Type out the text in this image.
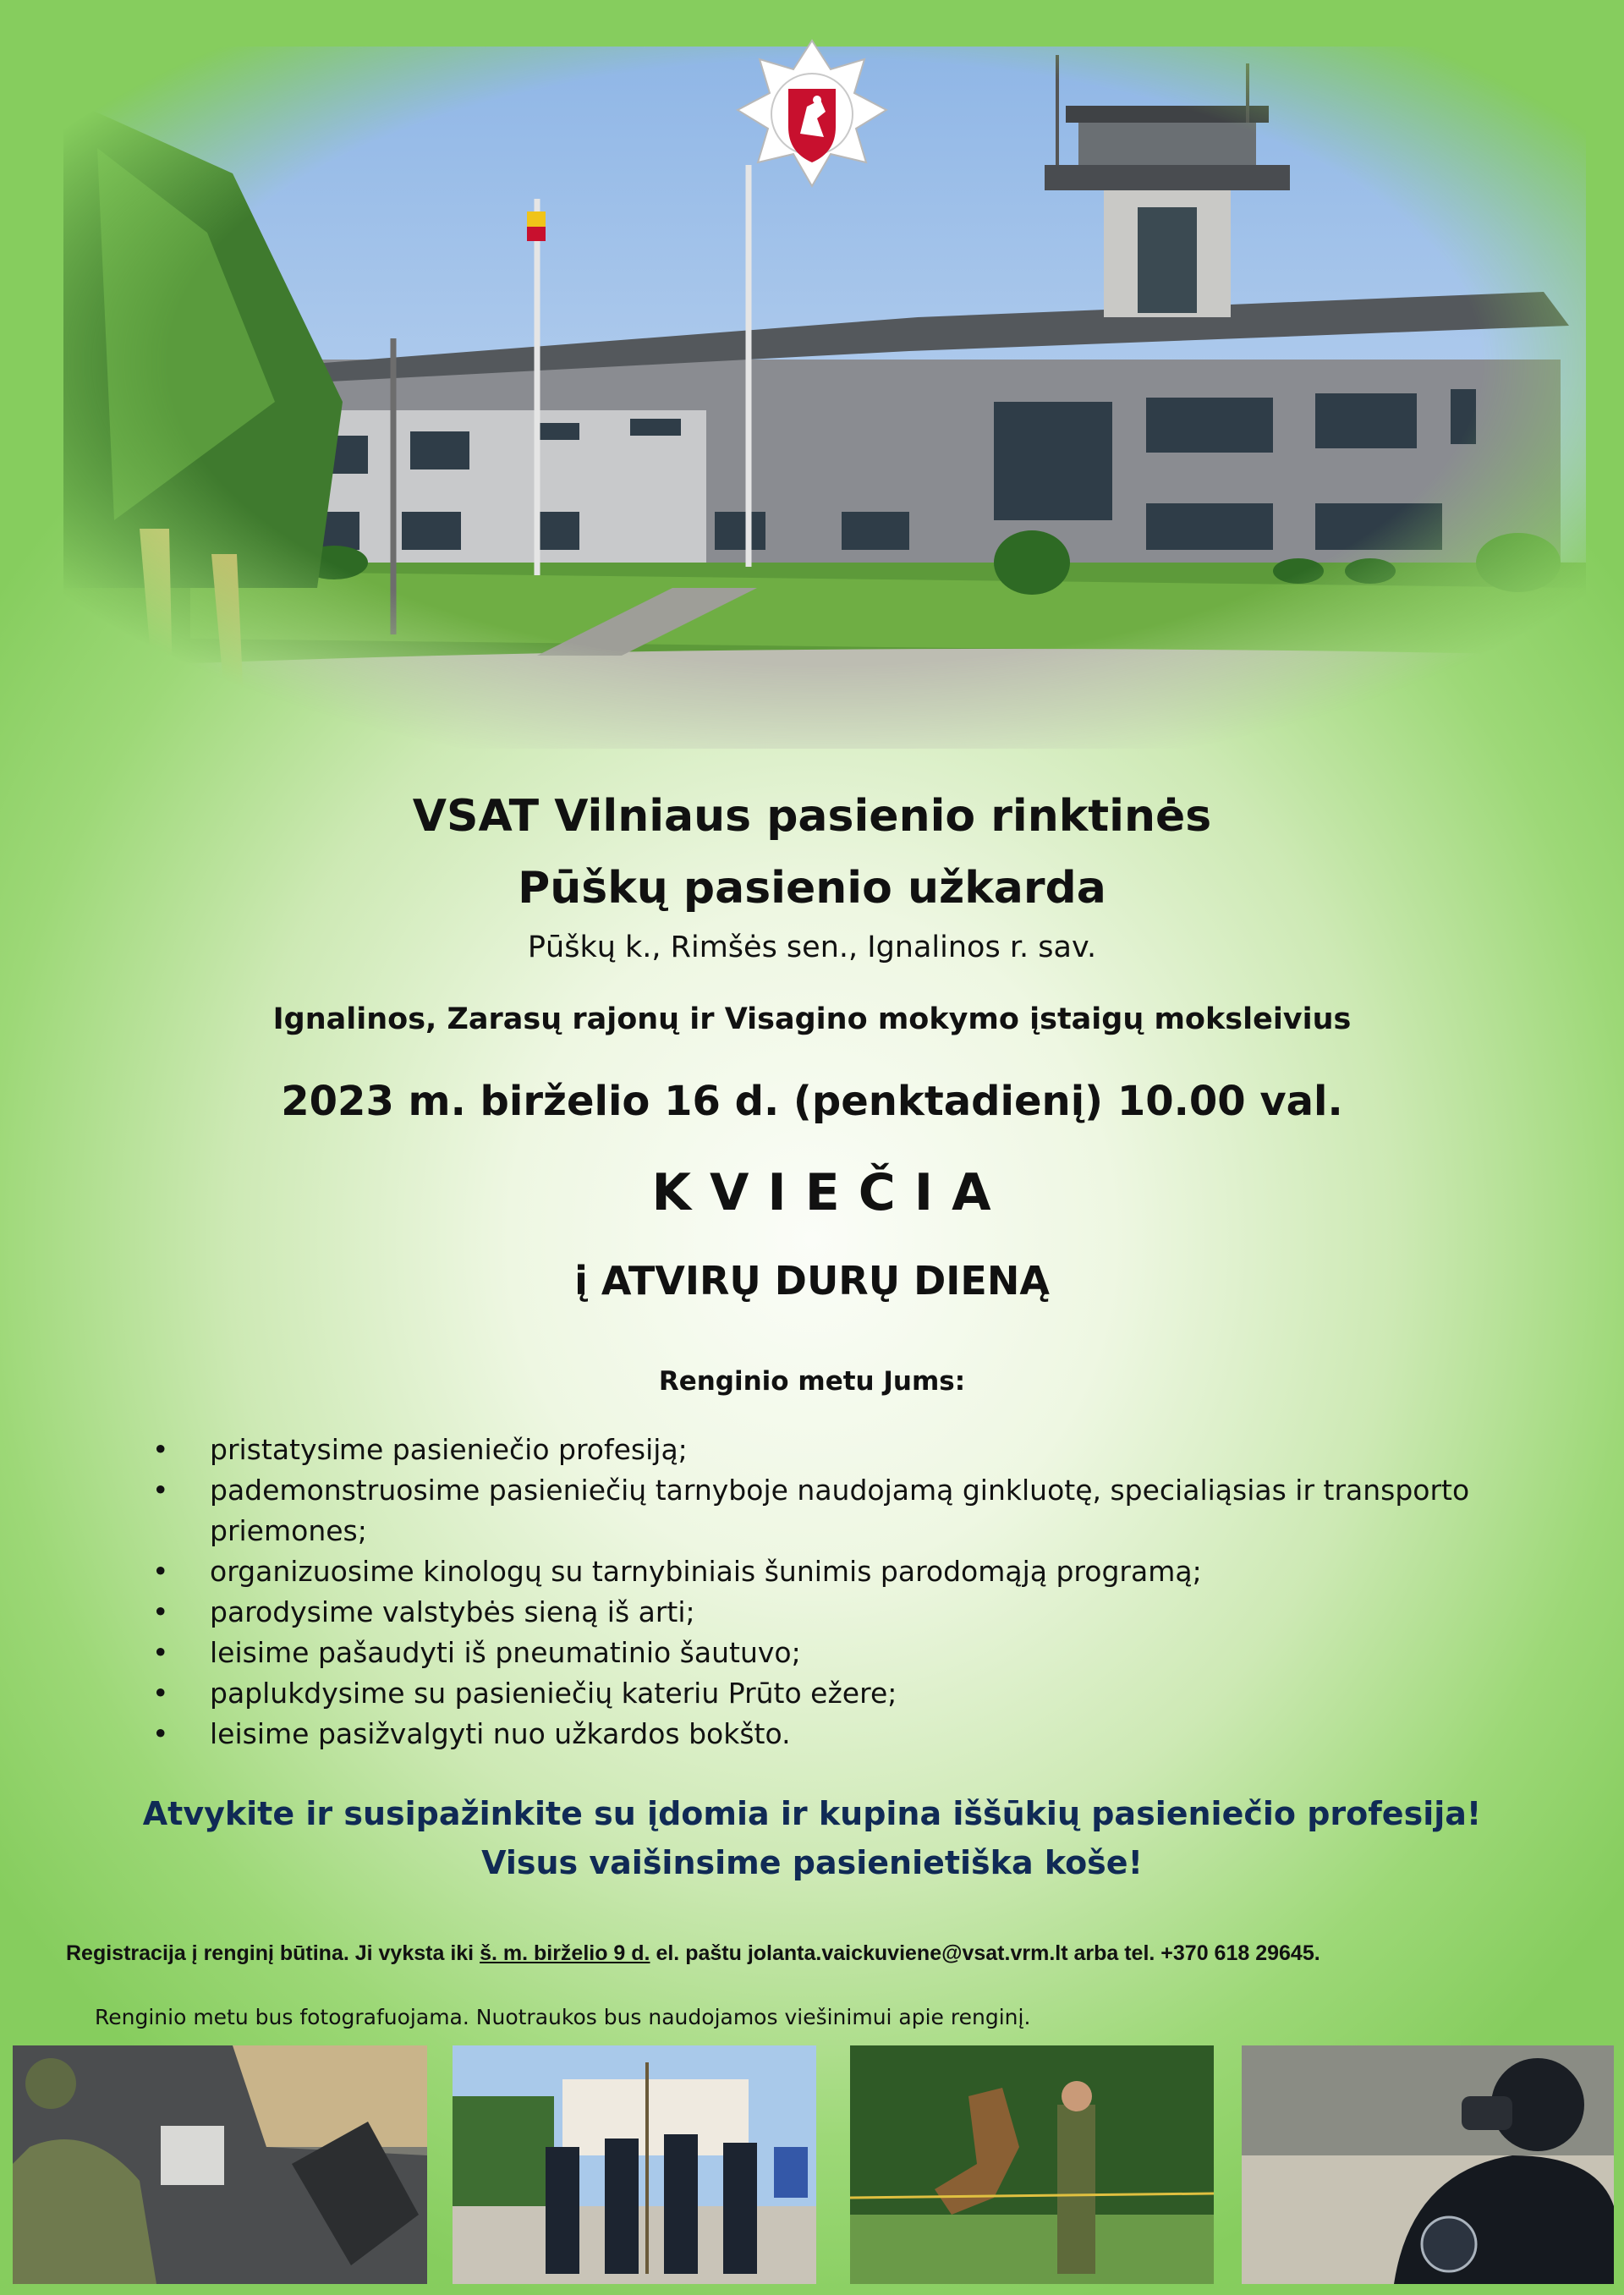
VSAT Vilniaus pasienio rinktinės
Pūškų pasienio užkarda
Pūškų k., Rimšės sen., Ignalinos r. sav.
Ignalinos, Zarasų rajonų ir Visagino mokymo įstaigų moksleivius
2023 m. birželio 16 d. (penktadienį) 10.00 val.
KVIEČIA
į ATVIRŲ DURŲ DIENĄ
Renginio metu Jums:
• pristatysime pasieniečio profesiją;
• pademonstruosime pasieniečių tarnyboje naudojamą ginkluotę, specialiąsias ir transporto priemones;
• organizuosime kinologų su tarnybiniais šunimis parodomąją programą;
• parodysime valstybės sieną iš arti;
• leisime pašaudyti iš pneumatinio šautuvo;
• paplukdysime su pasieniečių kateriu Prūto ežere;
• leisime pasižvalgyti nuo užkardos bokšto.
Atvykite ir susipažinkite su įdomia ir kupina iššūkių pasieniečio profesija!
Visus vaišinsime pasienietiška koše!
Registracija į renginį būtina. Ji vyksta iki š. m. birželio 9 d. el. paštu jolanta.vaickuviene@vsat.vrm.lt arba tel. +370 618 29645.
Renginio metu bus fotografuojama. Nuotraukos bus naudojamos viešinimui apie renginį.
